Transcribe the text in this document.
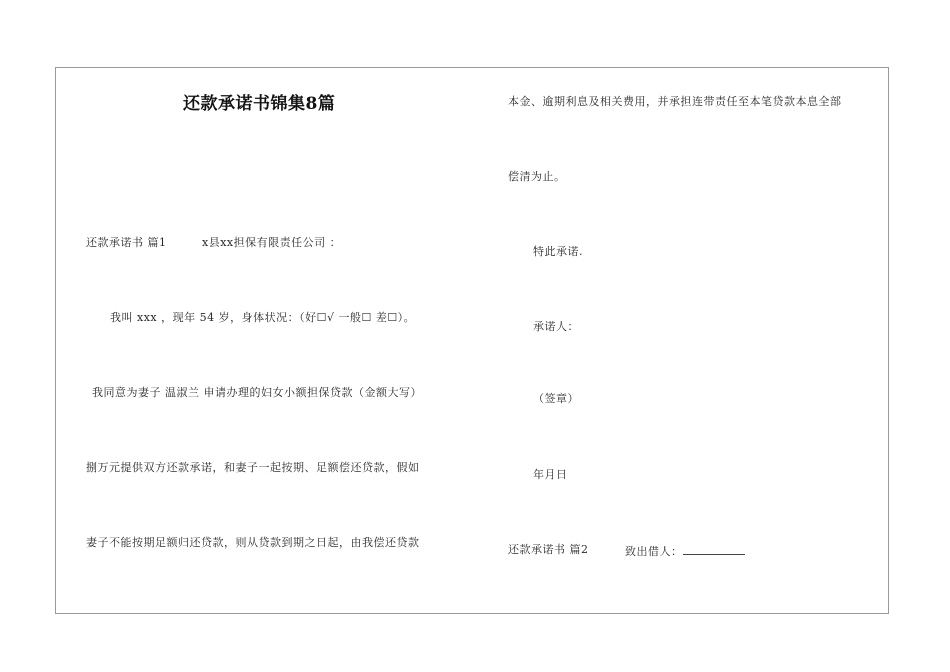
还款承诺书锦集8篇
还款承诺书 篇1	x县xx担保有限责任公司 ：
我叫 xxx ，现年 54 岁，身体状况：（好☐√ 一般☐ 差☐）。
我同意为妻子 温淑兰 申请办理的妇女小额担保贷款（金额大写）
捌万元提供双方还款承诺，和妻子一起按期、足额偿还贷款，假如
妻子不能按期足额归还贷款，则从贷款到期之日起，由我偿还贷款
本金、逾期利息及相关费用，并承担连带责任至本笔贷款本息全部
偿清为止。
特此承诺.
承诺人：
（签章）
年月日
还款承诺书 篇2	致出借人：
